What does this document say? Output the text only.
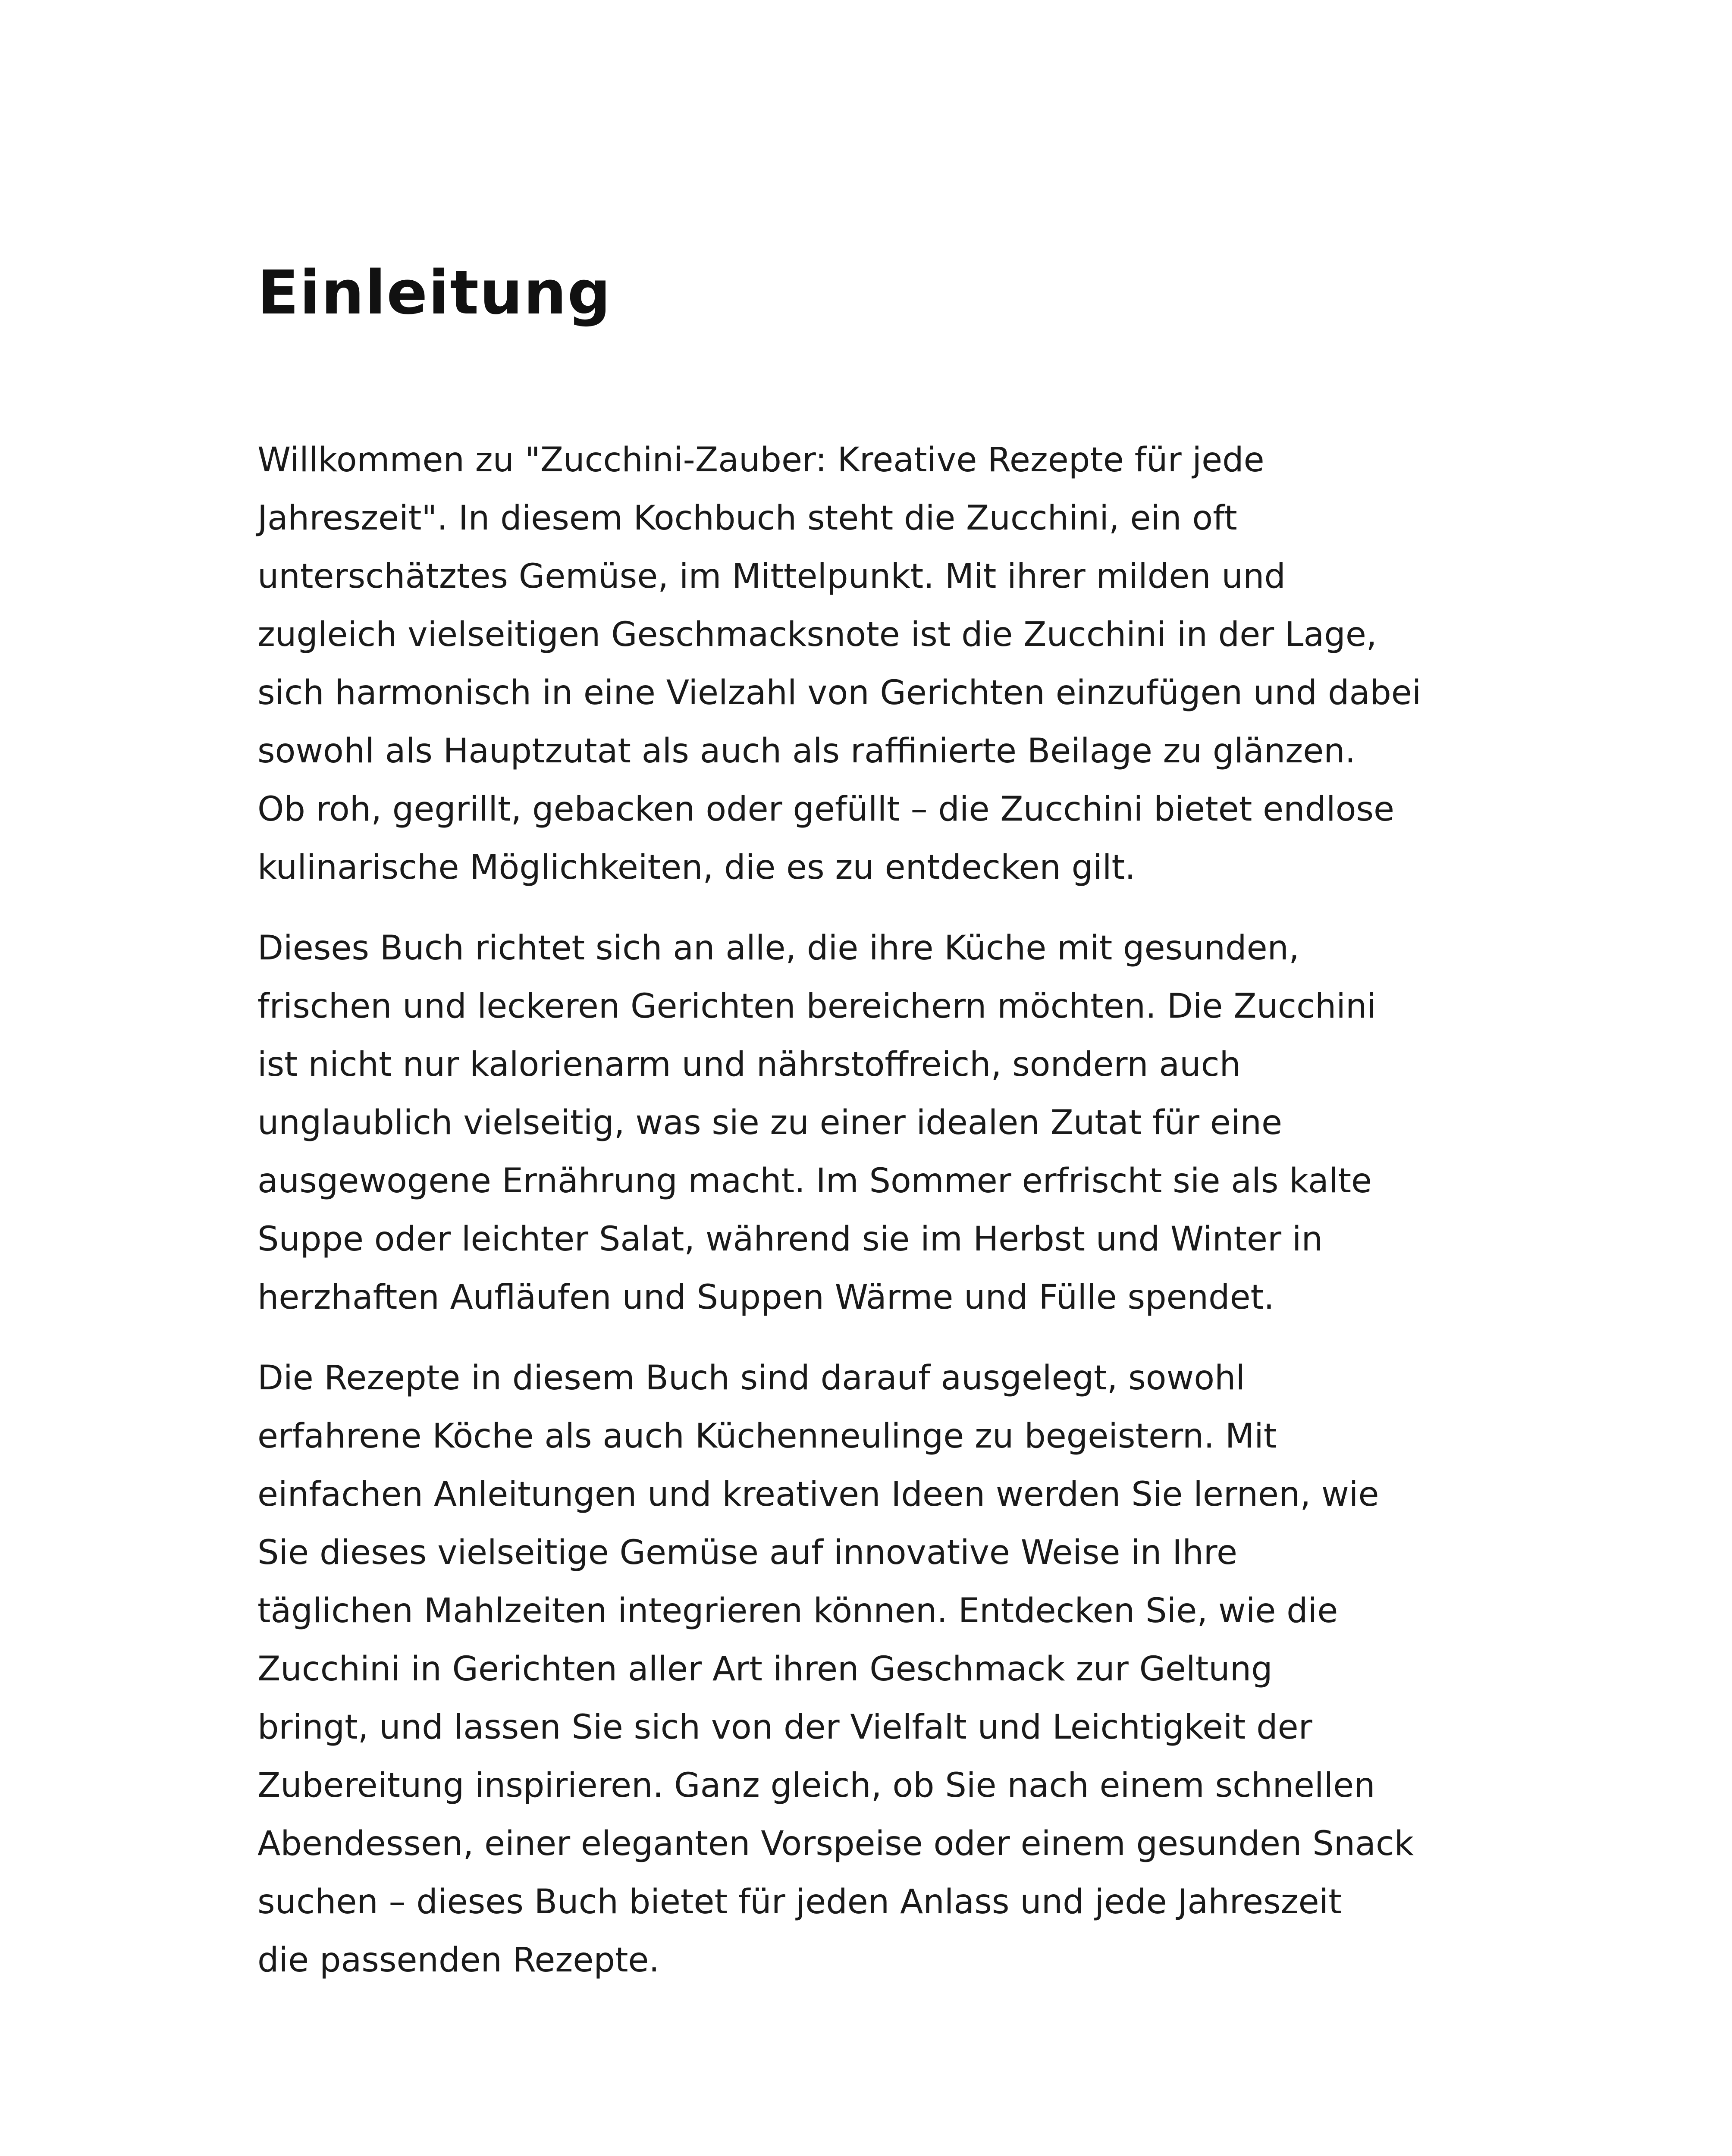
Einleitung

Willkommen zu "Zucchini-Zauber: Kreative Rezepte für jede
Jahreszeit". In diesem Kochbuch steht die Zucchini, ein oft
unterschätztes Gemüse, im Mittelpunkt. Mit ihrer milden und
zugleich vielseitigen Geschmacksnote ist die Zucchini in der Lage,
sich harmonisch in eine Vielzahl von Gerichten einzufügen und dabei
sowohl als Hauptzutat als auch als raffinierte Beilage zu glänzen.
Ob roh, gegrillt, gebacken oder gefüllt – die Zucchini bietet endlose
kulinarische Möglichkeiten, die es zu entdecken gilt.

Dieses Buch richtet sich an alle, die ihre Küche mit gesunden,
frischen und leckeren Gerichten bereichern möchten. Die Zucchini
ist nicht nur kalorienarm und nährstoffreich, sondern auch
unglaublich vielseitig, was sie zu einer idealen Zutat für eine
ausgewogene Ernährung macht. Im Sommer erfrischt sie als kalte
Suppe oder leichter Salat, während sie im Herbst und Winter in
herzhaften Aufläufen und Suppen Wärme und Fülle spendet.

Die Rezepte in diesem Buch sind darauf ausgelegt, sowohl
erfahrene Köche als auch Küchenneulinge zu begeistern. Mit
einfachen Anleitungen und kreativen Ideen werden Sie lernen, wie
Sie dieses vielseitige Gemüse auf innovative Weise in Ihre
täglichen Mahlzeiten integrieren können. Entdecken Sie, wie die
Zucchini in Gerichten aller Art ihren Geschmack zur Geltung
bringt, und lassen Sie sich von der Vielfalt und Leichtigkeit der
Zubereitung inspirieren. Ganz gleich, ob Sie nach einem schnellen
Abendessen, einer eleganten Vorspeise oder einem gesunden Snack
suchen – dieses Buch bietet für jeden Anlass und jede Jahreszeit
die passenden Rezepte.
